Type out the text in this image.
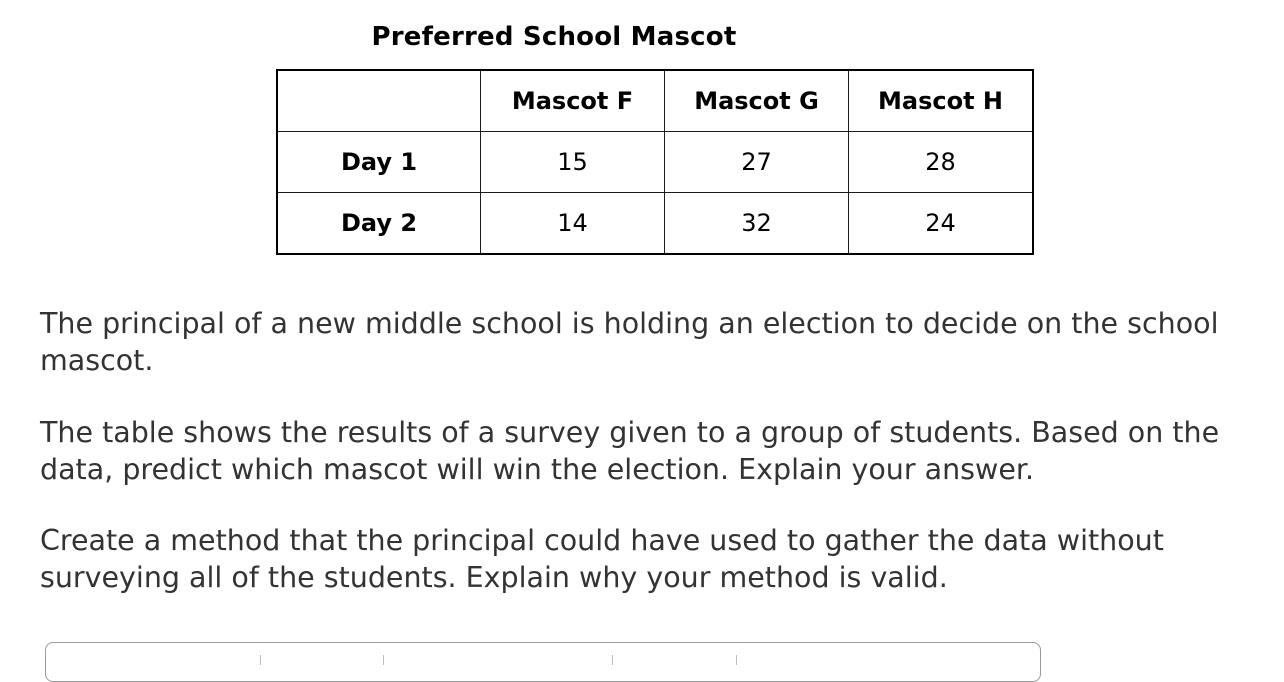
Preferred School Mascot
	Mascot F	Mascot G	Mascot H
Day 1	15	27	28
Day 2	14	32	24

The principal of a new middle school is holding an election to decide on the school mascot.

The table shows the results of a survey given to a group of students. Based on the data, predict which mascot will win the election. Explain your answer.

Create a method that the principal could have used to gather the data without surveying all of the students. Explain why your method is valid.
